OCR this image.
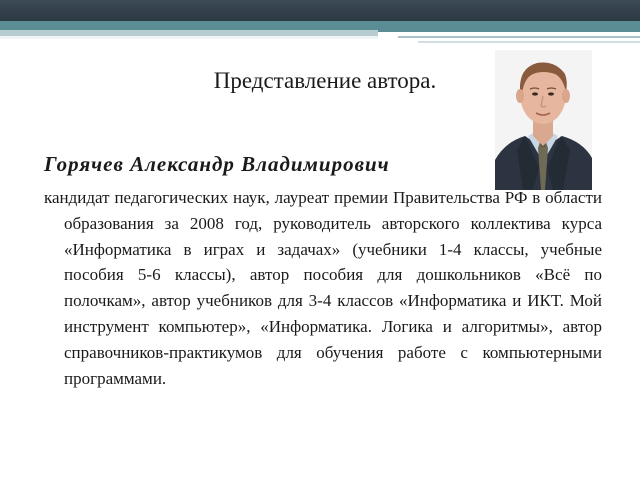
Представление автора.
Горячев Александр Владимирович
кандидат педагогических наук, лауреат премии Правительства РФ в области образования за 2008 год, руководитель авторского коллектива курса «Информатика в играх и задачах» (учебники 1-4 классы, учебные пособия 5-6 классы), автор пособия для дошкольников «Всё по полочкам», автор учебников для 3-4 классов «Информатика и ИКТ. Мой инструмент компьютер», «Информатика. Логика и алгоритмы», автор справочников-практикумов для обучения работе с компьютерными программами.
